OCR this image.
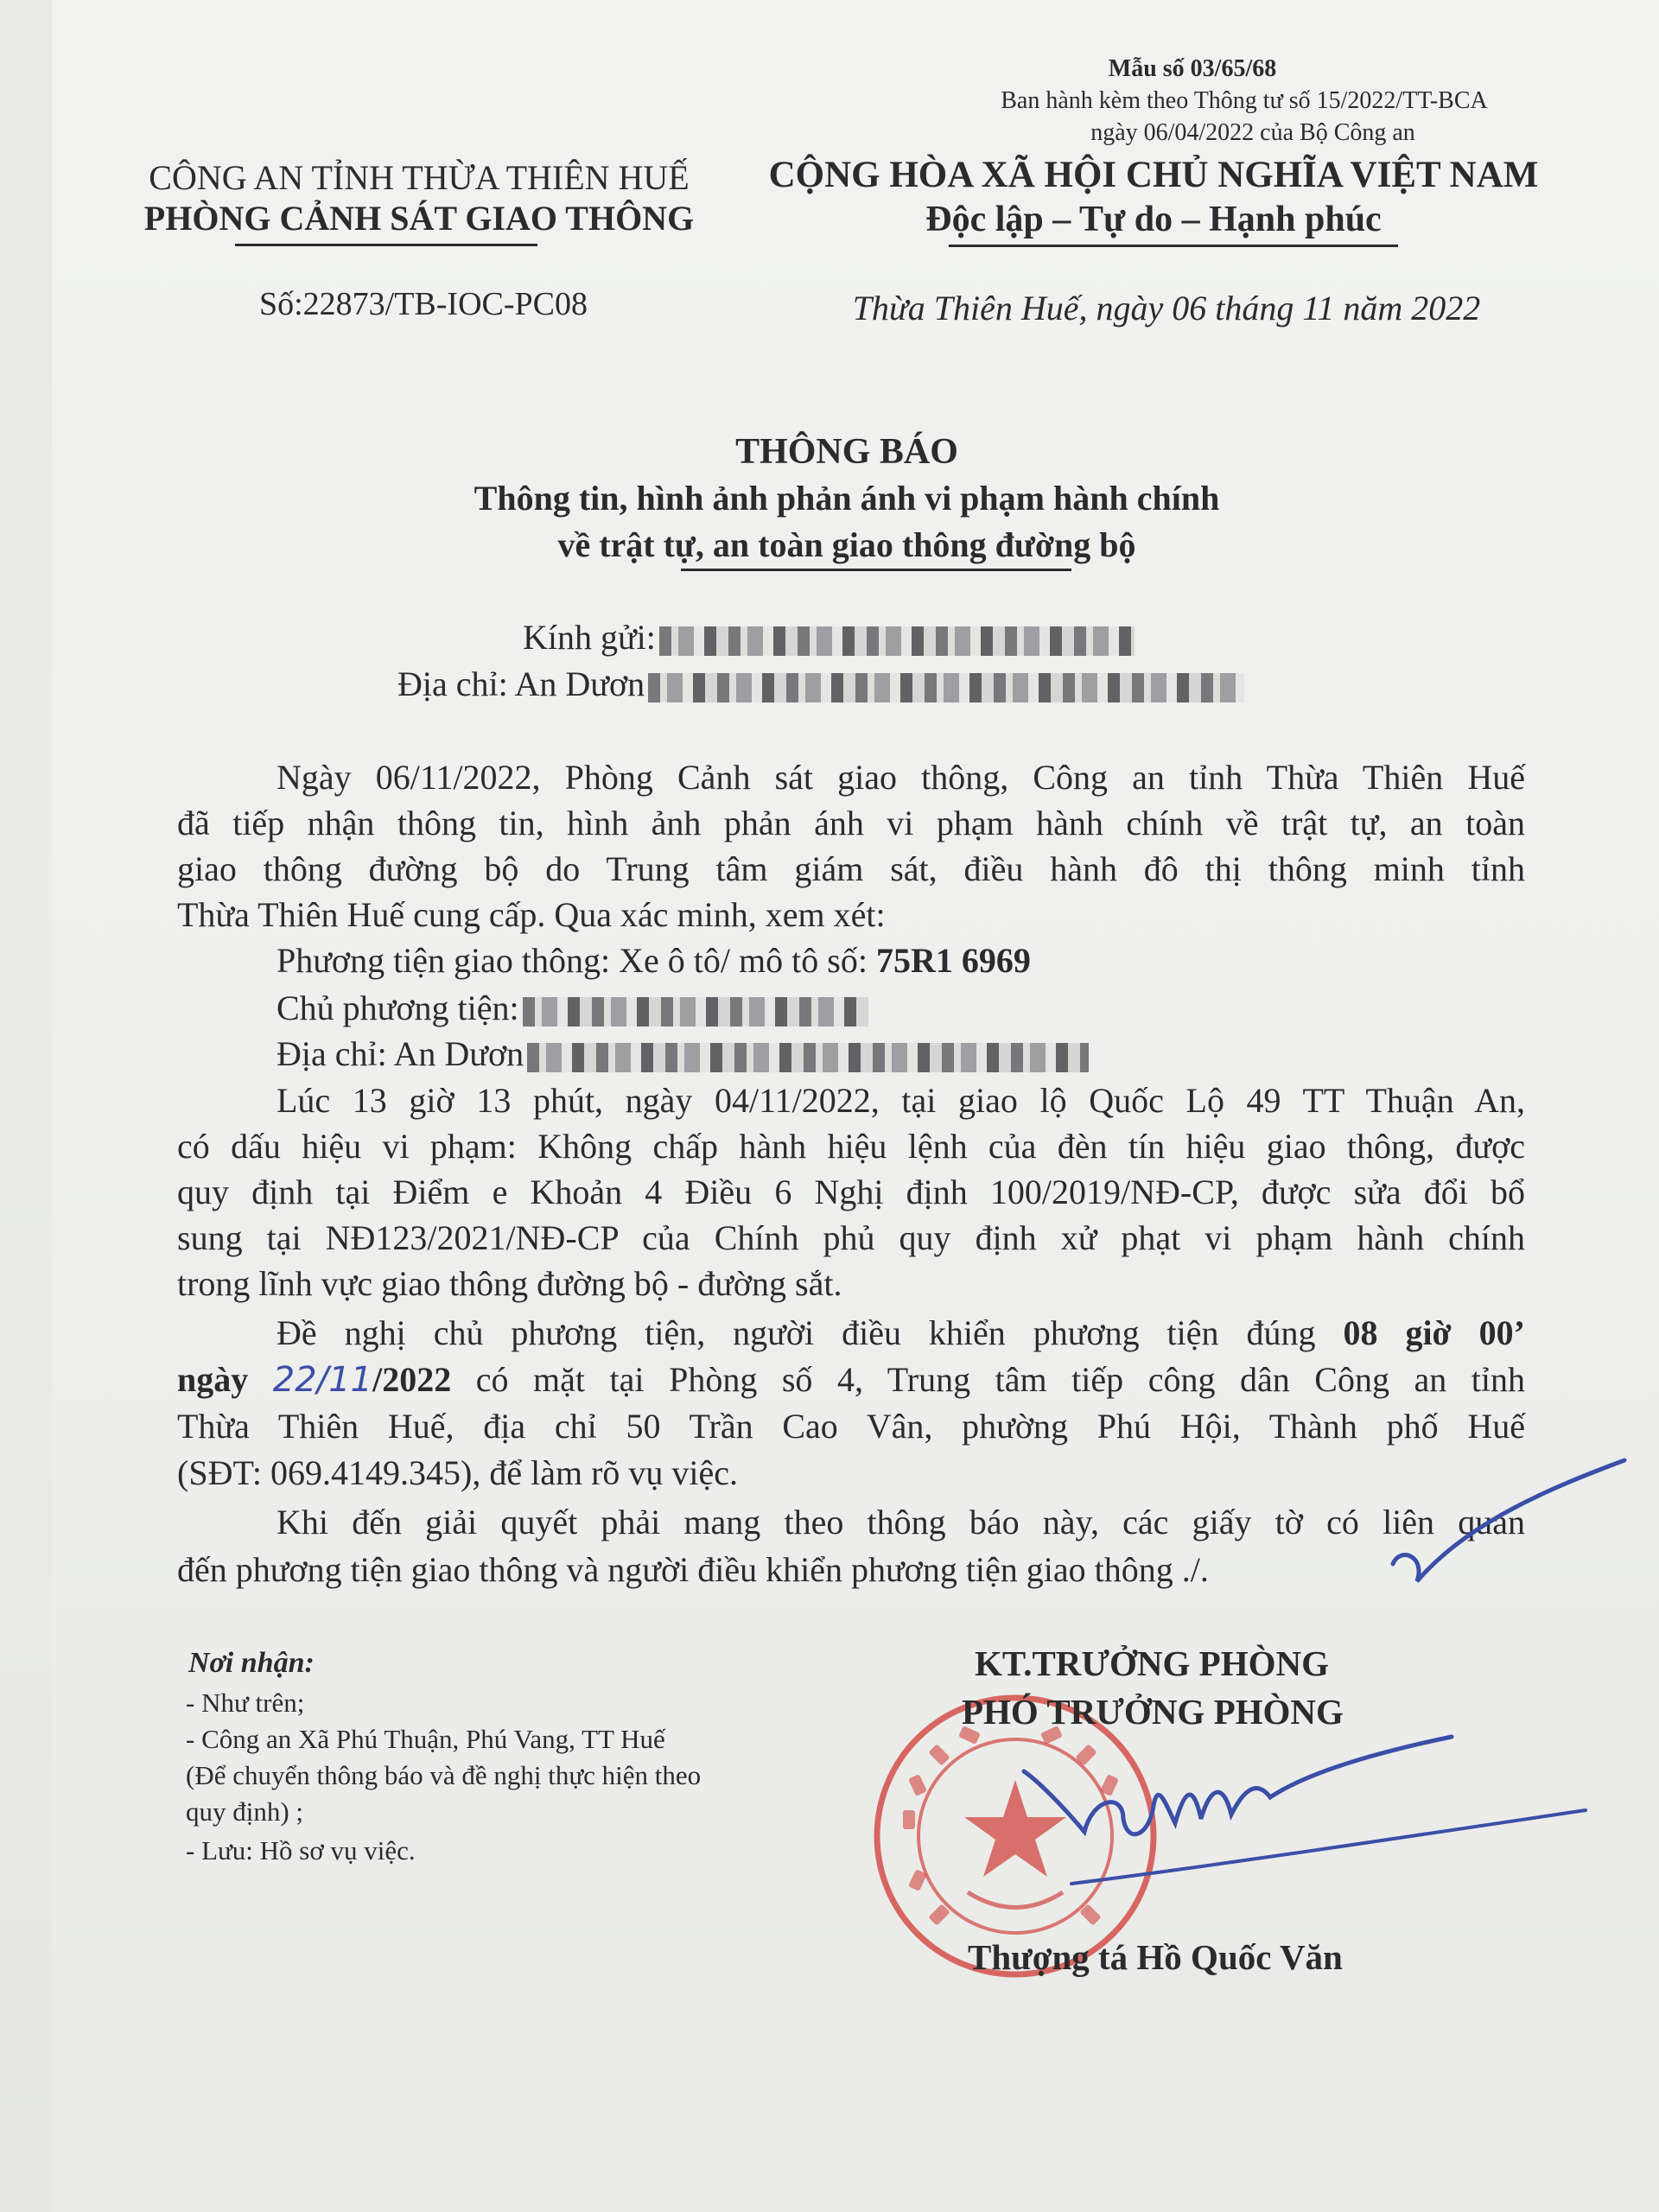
Mẫu số 03/65/68
Ban hành kèm theo Thông tư số 15/2022/TT-BCA
ngày 06/04/2022 của Bộ Công an
CÔNG AN TỈNH THỪA THIÊN HUẾ
PHÒNG CẢNH SÁT GIAO THÔNG
Số:22873/TB-IOC-PC08
CỘNG HÒA XÃ HỘI CHỦ NGHĨA VIỆT NAM
Độc lập – Tự do – Hạnh phúc
Thừa Thiên Huế, ngày 06 tháng 11 năm 2022
THÔNG BÁO
Thông tin, hình ảnh phản ánh vi phạm hành chính
về trật tự, an toàn giao thông đường bộ
Kính gửi:
Địa chỉ: An Dươn
Ngày 06/11/2022, Phòng Cảnh sát giao thông, Công an tỉnh Thừa Thiên Huế
đã tiếp nhận thông tin, hình ảnh phản ánh vi phạm hành chính về trật tự, an toàn
giao thông đường bộ do Trung tâm giám sát, điều hành đô thị thông minh tỉnh
Thừa Thiên Huế cung cấp. Qua xác minh, xem xét:
Phương tiện giao thông: Xe ô tô/ mô tô số: 75R1 6969
Chủ phương tiện:
Địa chỉ: An Dươn
Lúc 13 giờ 13 phút, ngày 04/11/2022, tại giao lộ Quốc Lộ 49 TT Thuận An,
có dấu hiệu vi phạm: Không chấp hành hiệu lệnh của đèn tín hiệu giao thông, được
quy định tại Điểm e Khoản 4 Điều 6 Nghị định 100/2019/NĐ-CP, được sửa đổi bổ
sung tại NĐ123/2021/NĐ-CP của Chính phủ quy định xử phạt vi phạm hành chính
trong lĩnh vực giao thông đường bộ - đường sắt.
Đề nghị chủ phương tiện, người điều khiển phương tiện đúng 08 giờ 00’
ngày 22/11/2022 có mặt tại Phòng số 4, Trung tâm tiếp công dân Công an tỉnh
Thừa Thiên Huế, địa chỉ 50 Trần Cao Vân, phường Phú Hội, Thành phố Huế
(SĐT: 069.4149.345), để làm rõ vụ việc.
Khi đến giải quyết phải mang theo thông báo này, các giấy tờ có liên quan
đến phương tiện giao thông và người điều khiển phương tiện giao thông ./.
Nơi nhận:
- Như trên;
- Công an Xã Phú Thuận, Phú Vang, TT Huế
(Để chuyển thông báo và đề nghị thực hiện theo
quy định) ;
- Lưu: Hồ sơ vụ việc.
KT.TRƯỞNG PHÒNG
PHÓ TRƯỞNG PHÒNG
Thượng tá Hồ Quốc Văn
